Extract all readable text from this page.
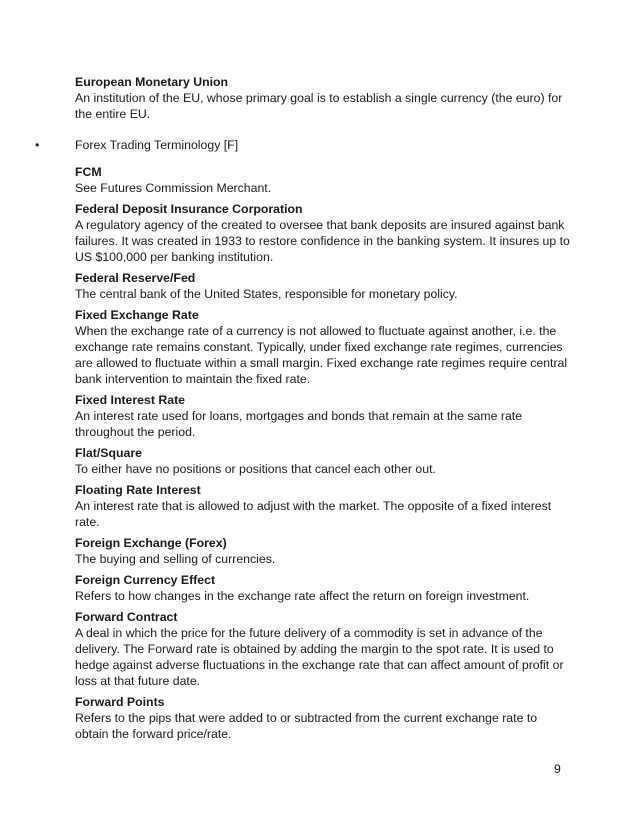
European Monetary Union
An institution of the EU, whose primary goal is to establish a single currency (the euro) for the entire EU.
•	Forex Trading Terminology [F]
FCM
See Futures Commission Merchant.
Federal Deposit Insurance Corporation
A regulatory agency of the created to oversee that bank deposits are insured against bank failures. It was created in 1933 to restore confidence in the banking system. It insures up to US $100,000 per banking institution.
Federal Reserve/Fed
The central bank of the United States, responsible for monetary policy.
Fixed Exchange Rate
When the exchange rate of a currency is not allowed to fluctuate against another, i.e. the exchange rate remains constant. Typically, under fixed exchange rate regimes, currencies are allowed to fluctuate within a small margin. Fixed exchange rate regimes require central bank intervention to maintain the fixed rate.
Fixed Interest Rate
An interest rate used for loans, mortgages and bonds that remain at the same rate throughout the period.
Flat/Square
To either have no positions or positions that cancel each other out.
Floating Rate Interest
An interest rate that is allowed to adjust with the market. The opposite of a fixed interest rate.
Foreign Exchange (Forex)
The buying and selling of currencies.
Foreign Currency Effect
Refers to how changes in the exchange rate affect the return on foreign investment.
Forward Contract
A deal in which the price for the future delivery of a commodity is set in advance of the delivery. The Forward rate is obtained by adding the margin to the spot rate. It is used to hedge against adverse fluctuations in the exchange rate that can affect amount of profit or loss at that future date.
Forward Points
Refers to the pips that were added to or subtracted from the current exchange rate to obtain the forward price/rate.
9
